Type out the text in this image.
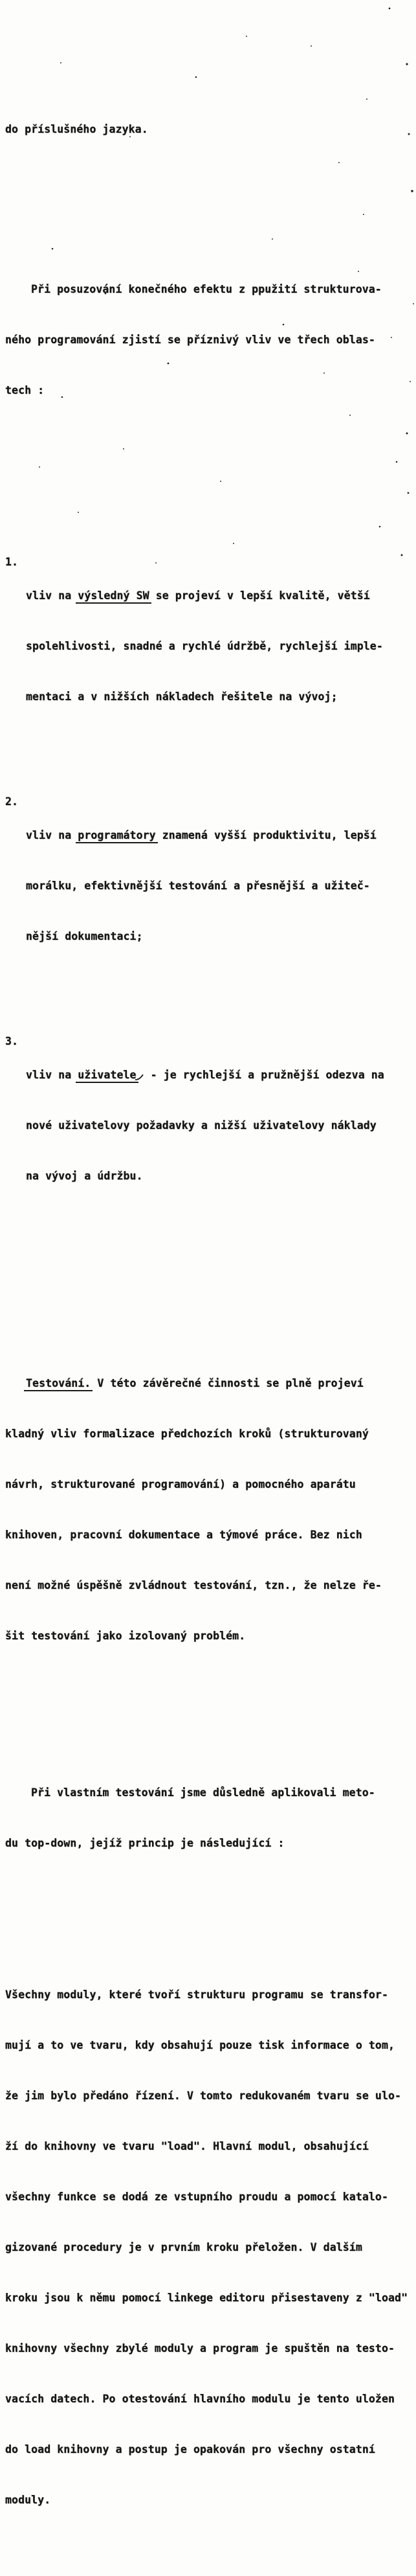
do příslušného jazyka.

Při posuzování konečného efektu z ppužití strukturova-

ného programování zjistí se příznivý vliv ve třech oblas-

tech :

1.

vliv na výsledný SW se projeví v lepší kvalitě, větší

spolehlivosti, snadné a rychlé údržbě, rychlejší imple-

mentaci a v nižších nákladech řešitele na vývoj;

2.

vliv na programátory znamená vyšší produktivitu, lepší

morálku, efektivnější testování a přesnější a užiteč-

nější dokumentaci;

3.

vliv na uživatele - je rychlejší a pružnější odezva na

nové uživatelovy požadavky a nižší uživatelovy náklady

na vývoj a údržbu.

Testování. V této závěrečné činnosti se plně projeví

kladný vliv formalizace předchozích kroků (strukturovaný

návrh, strukturované programování) a pomocného aparátu

knihoven, pracovní dokumentace a týmové práce. Bez nich

není možné úspěšně zvládnout testování, tzn., že nelze ře-

šit testování jako izolovaný problém.

Při vlastním testování jsme důsledně aplikovali meto-

du top-down, jejíž princip je následující :

Všechny moduly, které tvoří strukturu programu se transfor-

mují a to ve tvaru, kdy obsahují pouze tisk informace o tom,

že jim bylo předáno řízení. V tomto redukovaném tvaru se ulo-

ží do knihovny ve tvaru "load". Hlavní modul, obsahující

všechny funkce se dodá ze vstupního proudu a pomocí katalo-

gizované procedury je v prvním kroku přeložen. V dalším

kroku jsou k němu pomocí linkege editoru přisestaveny z "load"

knihovny všechny zbylé moduly a program je spuštěn na testo-

vacích datech. Po otestování hlavního modulu je tento uložen

do load knihovny a postup je opakován pro všechny ostatní

moduly.
